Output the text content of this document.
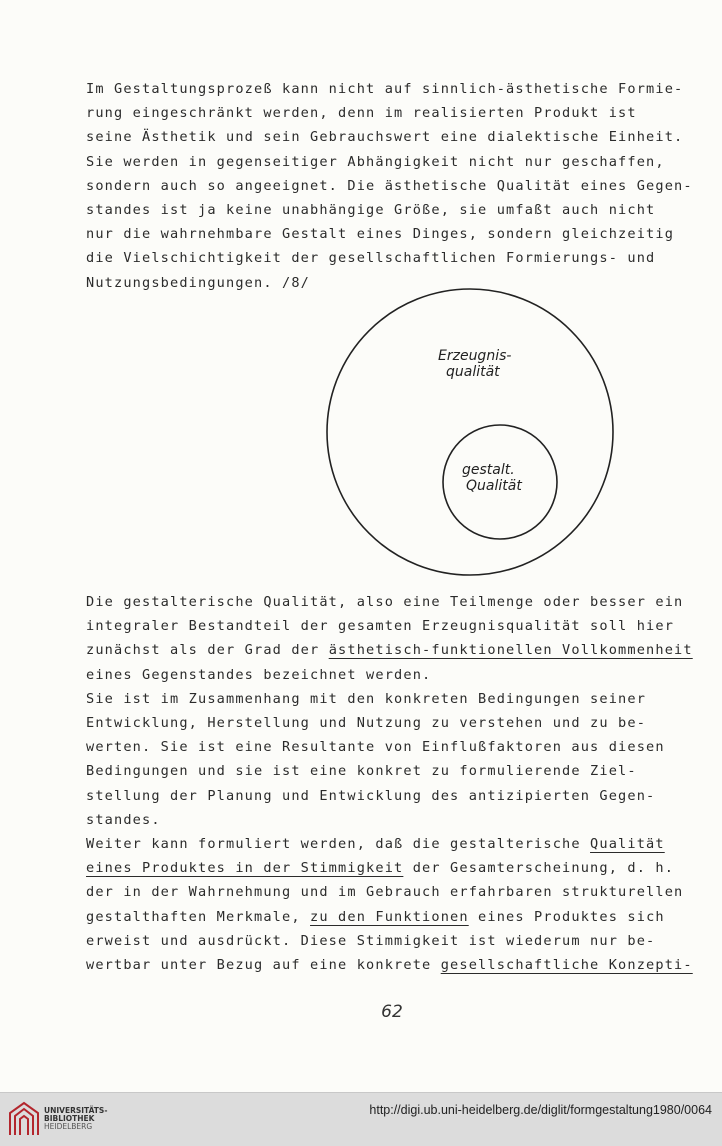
Im Gestaltungsprozeß kann nicht auf sinnlich-ästhetische Formie-
rung eingeschränkt werden, denn im realisierten Produkt ist
seine Ästhetik und sein Gebrauchswert eine dialektische Einheit.
Sie werden in gegenseitiger Abhängigkeit nicht nur geschaffen,
sondern auch so angeeignet. Die ästhetische Qualität eines Gegen-
standes ist ja keine unabhängige Größe, sie umfaßt auch nicht
nur die wahrnehmbare Gestalt eines Dinges, sondern gleichzeitig
die Vielschichtigkeit der gesellschaftlichen Formierungs- und
Nutzungsbedingungen. /8/
Erzeugnis-
qualität
gestalt.
Qualität
Die gestalterische Qualität, also eine Teilmenge oder besser ein
integraler Bestandteil der gesamten Erzeugnisqualität soll hier
zunächst als der Grad der ästhetisch-funktionellen Vollkommenheit
eines Gegenstandes bezeichnet werden.
Sie ist im Zusammenhang mit den konkreten Bedingungen seiner
Entwicklung, Herstellung und Nutzung zu verstehen und zu be-
werten. Sie ist eine Resultante von Einflußfaktoren aus diesen
Bedingungen und sie ist eine konkret zu formulierende Ziel-
stellung der Planung und Entwicklung des antizipierten Gegen-
standes.
Weiter kann formuliert werden, daß die gestalterische Qualität
eines Produktes in der Stimmigkeit der Gesamterscheinung, d. h.
der in der Wahrnehmung und im Gebrauch erfahrbaren strukturellen
gestalthaften Merkmale, zu den Funktionen eines Produktes sich
erweist und ausdrückt. Diese Stimmigkeit ist wiederum nur be-
wertbar unter Bezug auf eine konkrete gesellschaftliche Konzepti-
62
UNIVERSITÄTS-
BIBLIOTHEK
HEIDELBERG
http://digi.ub.uni-heidelberg.de/diglit/formgestaltung1980/0064
